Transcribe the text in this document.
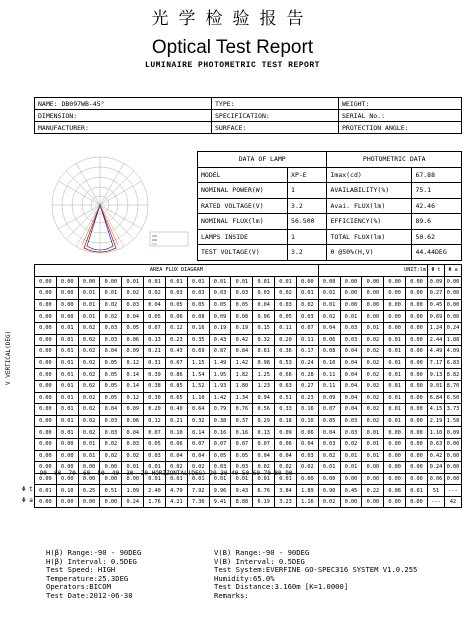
光学检验报告
Optical Test Report
LUMINAIRE PHOTOMETRIC TEST REPORT
NAME: DB097WB-45°	TYPE:	WEIGHT:
DIMENSION:	SPECIFICATION:	SERIAL No.:
MANUFACTURER:	SURFACE:	PROTECTION ANGLE:
DATA OF LAMP		PHOTOMETRIC DATA	
MODEL	XP-E	Imax(cd)	67.88
NOMINAL POWER(W)	1	AVAILABILITY(%)	75.1
RATED VOLTAGE(V)	3.2	Avai. FLUX(lm)	42.46
NOMINAL FLUX(lm)	56.500	EFFICIENCY(%)	89.6
LAMPS INSIDE	1	TOTAL FLUX(lm)	50.62
TEST VOLTAGE(V)	3.2	θ @50%(H,V)	44.44DEG
AREA FLUX DIAGRAM													UNIT:lm					Φ t	Φ a
0.00	0.00	0.00	0.00	0.01	0.01	0.01	0.01	0.01	0.01	0.01	0.01	0.00	0.00	0.00	0.00	0.00	0.00	0.09	0.00
0.00	0.00	0.01	0.01	0.02	0.02	0.03	0.03	0.03	0.03	0.03	0.02	0.01	0.01	0.00	0.00	0.00	0.00	0.27	0.00
0.00	0.00	0.01	0.02	0.03	0.04	0.05	0.05	0.05	0.05	0.04	0.03	0.02	0.01	0.00	0.00	0.00	0.00	0.45	0.00
0.00	0.00	0.01	0.02	0.04	0.05	0.06	0.08	0.09	0.08	0.06	0.05	0.03	0.02	0.01	0.00	0.00	0.00	0.69	0.00
0.00	0.01	0.02	0.03	0.05	0.07	0.12	0.16	0.19	0.19	0.15	0.11	0.07	0.04	0.03	0.01	0.00	0.00	1.24	0.24
0.00	0.01	0.02	0.03	0.06	0.13	0.23	0.35	0.43	0.42	0.32	0.20	0.11	0.06	0.03	0.02	0.01	0.00	2.44	1.88
0.00	0.01	0.02	0.04	0.09	0.21	0.43	0.69	0.87	0.84	0.61	0.36	0.17	0.08	0.04	0.02	0.01	0.00	4.49	4.09
0.00	0.01	0.02	0.05	0.12	0.31	0.67	1.15	1.49	1.42	0.98	0.53	0.24	0.10	0.04	0.02	0.01	0.00	7.17	6.83
0.00	0.01	0.02	0.05	0.14	0.39	0.86	1.54	1.95	1.82	1.25	0.66	0.28	0.11	0.04	0.02	0.01	0.00	9.13	8.82
0.00	0.01	0.02	0.05	0.14	0.38	0.85	1.52	1.93	1.80	1.23	0.63	0.27	0.11	0.04	0.02	0.01	0.00	9.01	8.70
0.00	0.01	0.02	0.05	0.12	0.30	0.65	1.10	1.42	1.34	0.94	0.51	0.23	0.09	0.04	0.02	0.01	0.00	6.84	6.50
0.00	0.01	0.02	0.04	0.09	0.20	0.40	0.64	0.79	0.76	0.56	0.33	0.16	0.07	0.04	0.02	0.01	0.00	4.15	3.73
0.00	0.01	0.02	0.03	0.06	0.12	0.21	0.32	0.38	0.37	0.29	0.18	0.10	0.05	0.03	0.02	0.01	0.00	2.19	1.58
0.00	0.01	0.02	0.03	0.04	0.07	0.10	0.14	0.16	0.16	0.13	0.09	0.06	0.04	0.03	0.01	0.00	0.00	1.10	0.09
0.00	0.00	0.01	0.02	0.03	0.05	0.06	0.07	0.07	0.07	0.07	0.06	0.04	0.03	0.02	0.01	0.00	0.00	0.63	0.00
0.00	0.00	0.01	0.02	0.02	0.03	0.04	0.04	0.05	0.05	0.04	0.04	0.03	0.02	0.01	0.01	0.00	0.00	0.42	0.00
0.00	0.00	0.00	0.00	0.01	0.01	0.02	0.02	0.03	0.03	0.02	0.02	0.02	0.01	0.01	0.00	0.00	0.00	0.24	0.00
0.00	0.00	0.00	0.00	0.00	0.01	0.01	0.01	0.01	0.01	0.01	0.01	0.00	0.00	0.00	0.00	0.00	0.00	0.06	0.00
0.01	0.10	0.25	0.51	1.09	2.40	4.79	7.92	9.96	9.43	6.76	3.84	1.89	0.90	0.45	0.22	0.08	0.01	51	---
0.00	0.00	0.00	0.00	0.24	1.76	4.21	7.36	9.41	8.88	6.19	3.23	1.16	0.02	0.00	0.00	0.00	0.00	---	42
V VERTICAL(DEG)
-90 -80 -70 -60 -50 -40 -30 -20 HORIZONTAL(DEG) 20 30 40 50 60 70 80 90
H(β) Range:-90 - 90DEG
H(β) Interval: 0.5DEG
Test Speed: HIGH
Temperature:25.3DEG
Operators:BICOM
Test Date:2012-06-30
V(B) Range:-90 - 90DEG
V(B) Interval: 0.5DEG
Test System:EVERFINE GO-SPEC316 SYSTEM V1.0.255
Humidity:65.0%
Test Distance:3.160m [K=1.0000]
Remarks:
Φ t
Φ a
